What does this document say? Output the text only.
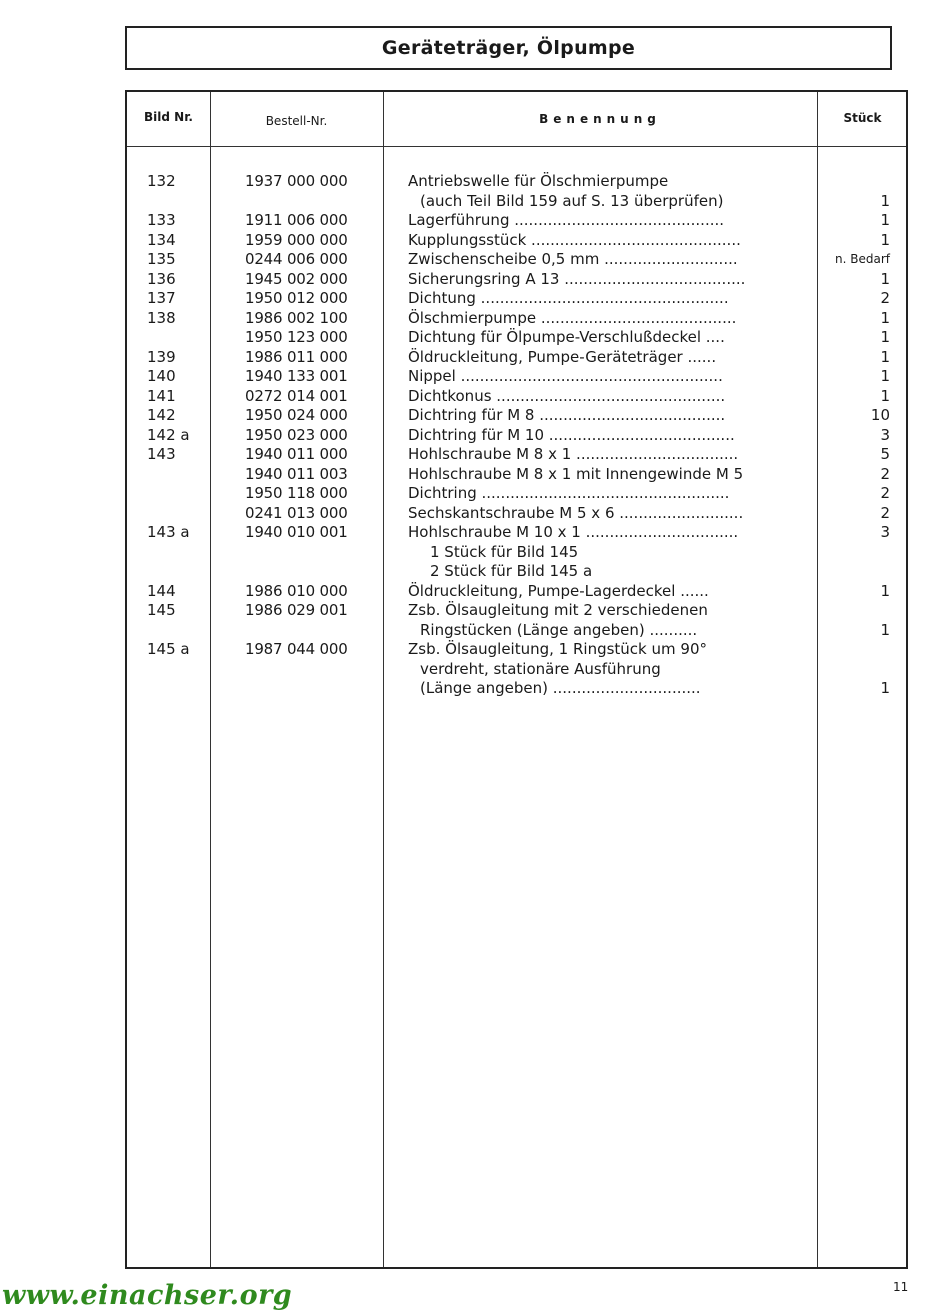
Geräteträger, Ölpumpe
Bild Nr.	Bestell-Nr.	Benennung	Stück
132	1937 000 000	Antriebswelle für Ölschmierpumpe
(auch Teil Bild 159 auf S. 13 überprüfen)	1
133	1911 006 000	Lagerführung ............................................	1
134	1959 000 000	Kupplungsstück ............................................	1
135	0244 006 000	Zwischenscheibe 0,5 mm ............................	n. Bedarf
136	1945 002 000	Sicherungsring A 13 ......................................	1
137	1950 012 000	Dichtung ....................................................	2
138	1986 002 100	Ölschmierpumpe .........................................	1
1950 123 000	Dichtung für Ölpumpe-Verschlußdeckel ....	1
139	1986 011 000	Öldruckleitung, Pumpe-Geräteträger ......	1
140	1940 133 001	Nippel .......................................................	1
141	0272 014 001	Dichtkonus ................................................	1
142	1950 024 000	Dichtring für M 8 .......................................	10
142 a	1950 023 000	Dichtring für M 10 .......................................	3
143	1940 011 000	Hohlschraube M 8 x 1 ..................................	5
1940 011 003	Hohlschraube M 8 x 1 mit Innengewinde M 5	2
1950 118 000	Dichtring ....................................................	2
0241 013 000	Sechskantschraube M 5 x 6 ..........................	2
143 a	1940 010 001	Hohlschraube M 10 x 1 ................................	3
1 Stück für Bild 145
2 Stück für Bild 145 a
144	1986 010 000	Öldruckleitung, Pumpe-Lagerdeckel ......	1
145	1986 029 001	Zsb. Ölsaugleitung mit 2 verschiedenen
Ringstücken (Länge angeben) ..........	1
145 a	1987 044 000	Zsb. Ölsaugleitung, 1 Ringstück um 90°
verdreht, stationäre Ausführung
(Länge angeben) ...............................	1
www.einachser.org	11
